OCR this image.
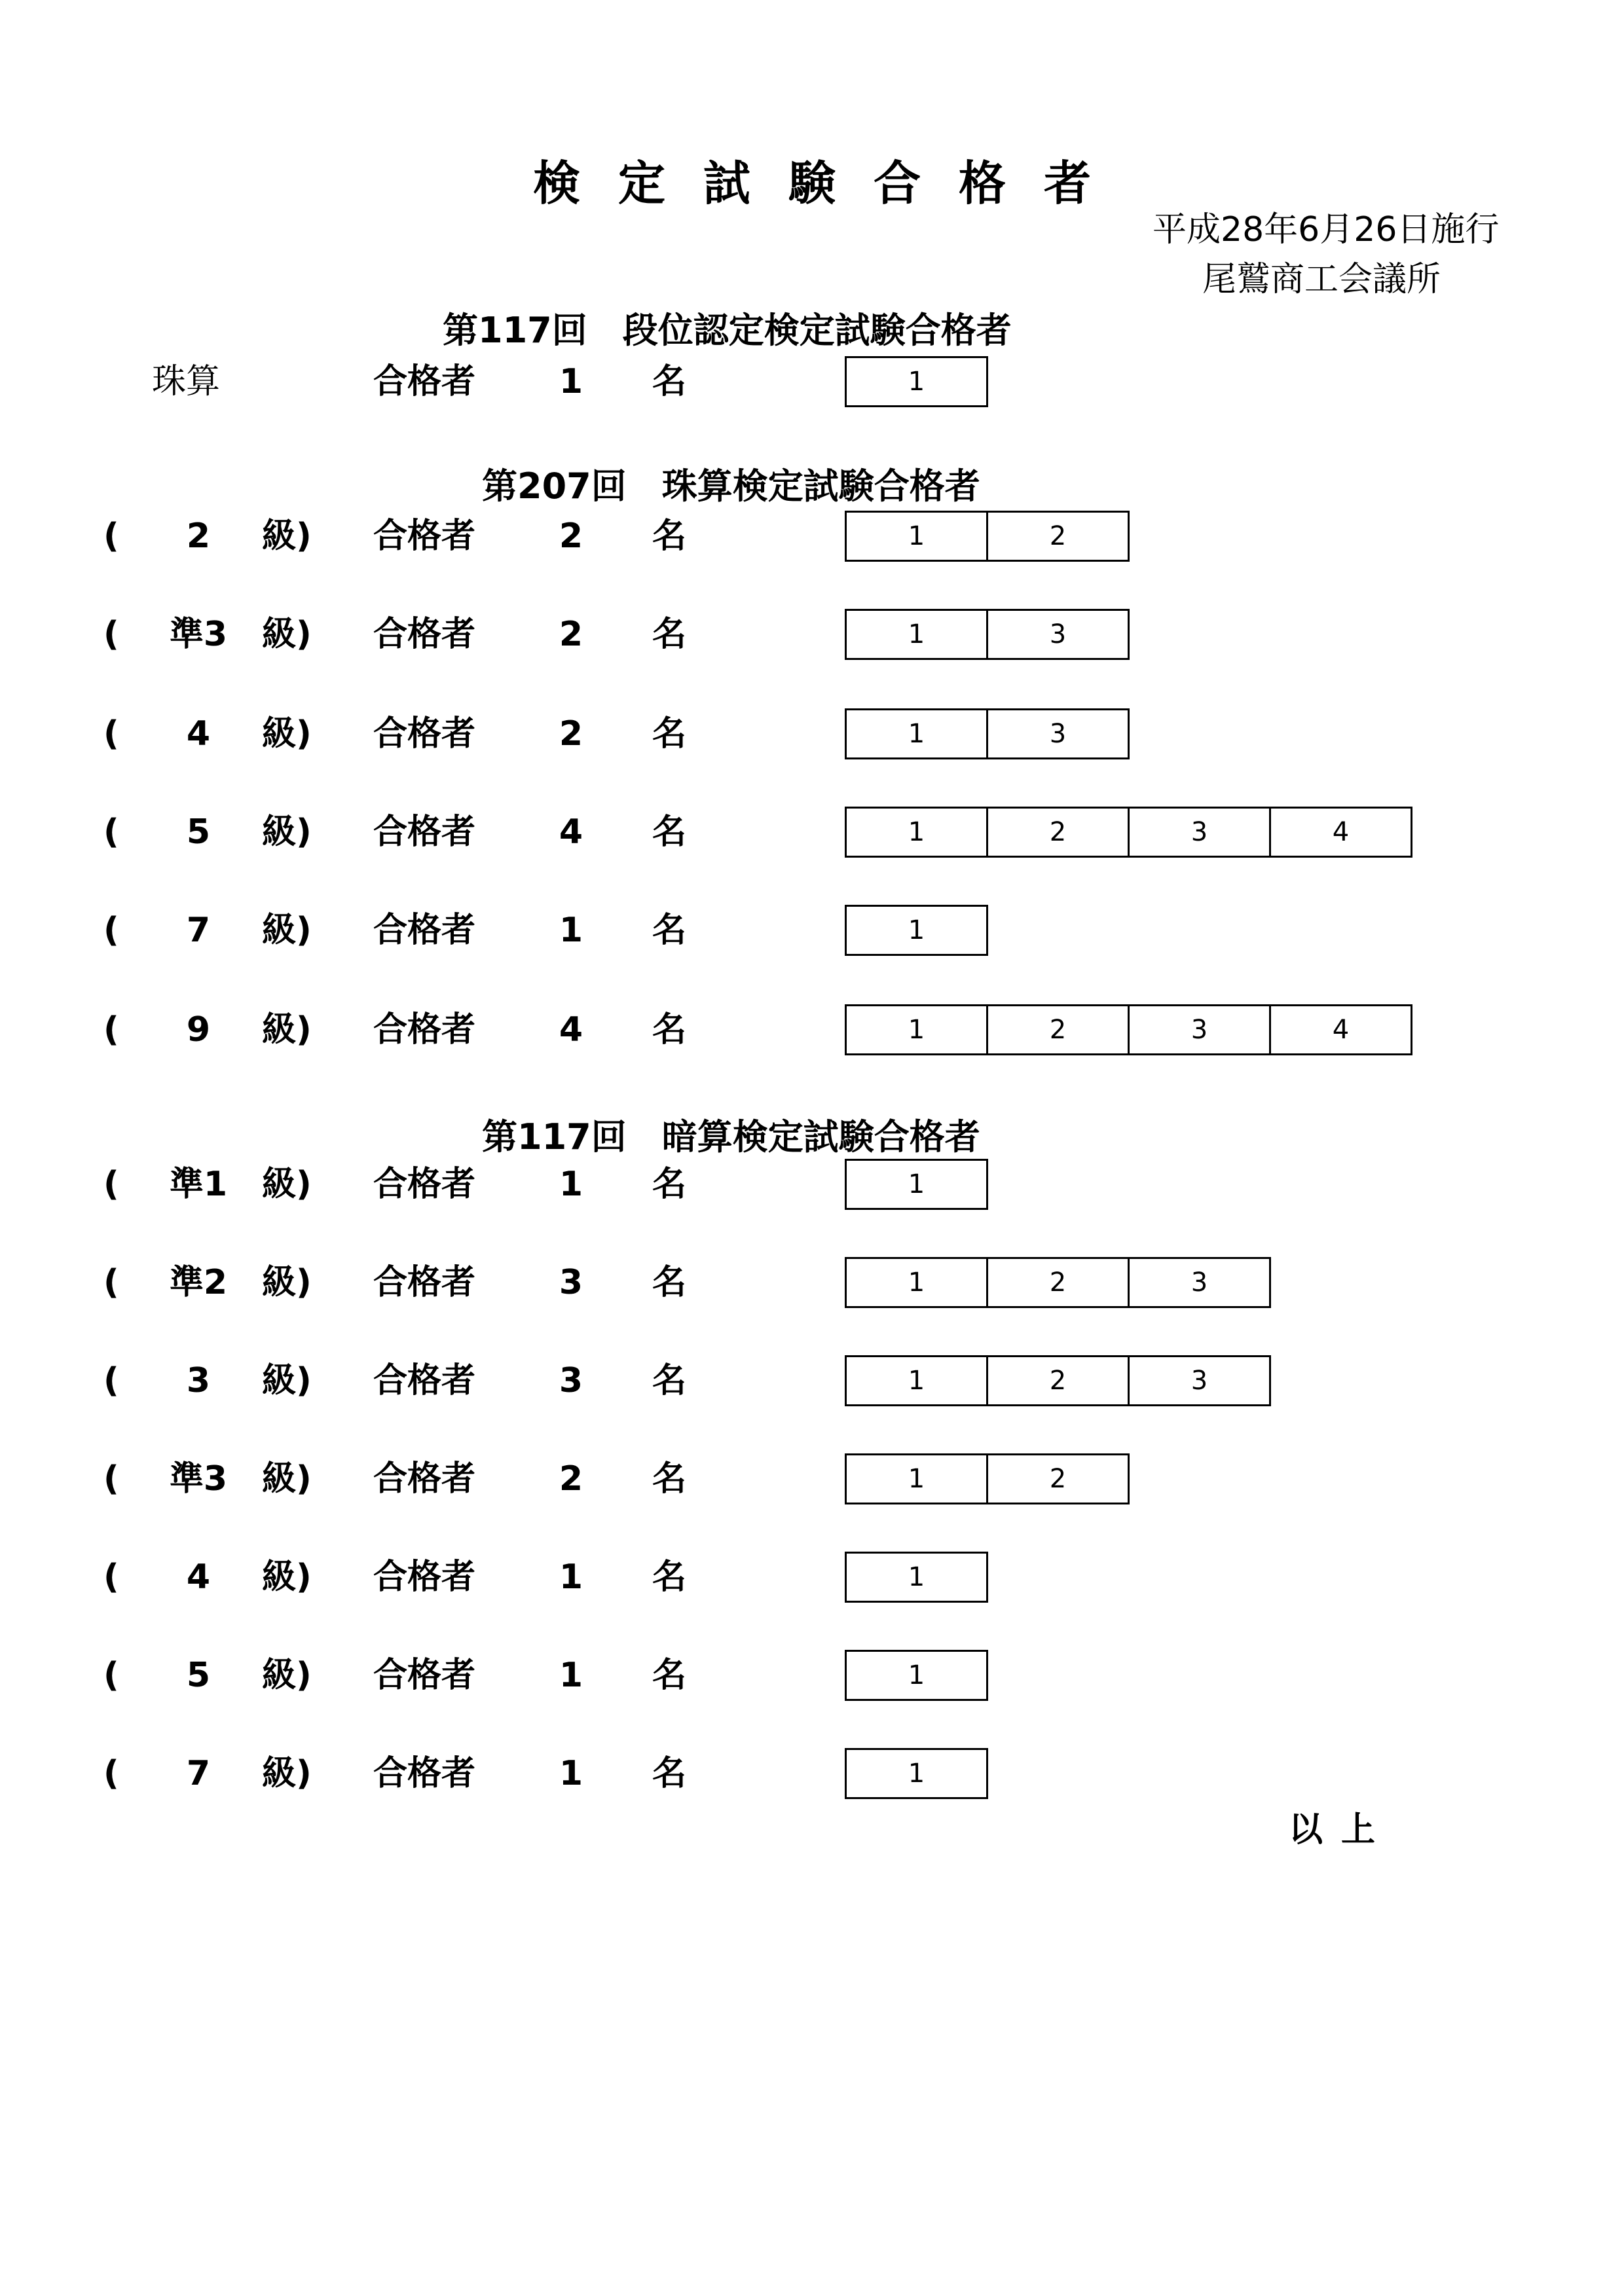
検定試験合格者
平成28年6月26日施行
尾鷲商工会議所
第117回　段位認定検定試験合格者
第207回　珠算検定試験合格者
第117回　暗算検定試験合格者
珠算	合格者 1 名	1
(	2	級) 合格者 2 名	1	2
( 準3 級) 合格者 2 名	1	3
(	4	級) 合格者 2 名	1	3
(	5	級) 合格者 4 名	1	2	3	4
(	7	級) 合格者 1 名	1
(	9	級) 合格者 4 名	1	2	3	4
( 準1 級) 合格者 1 名	1
( 準2 級) 合格者 3 名	1	2	3
(	3	級) 合格者 3 名	1	2	3
( 準3 級) 合格者 2 名	1	2
(	4	級) 合格者 1 名	1
(	5	級) 合格者 1 名	1
(	7	級) 合格者 1 名	1
以上
